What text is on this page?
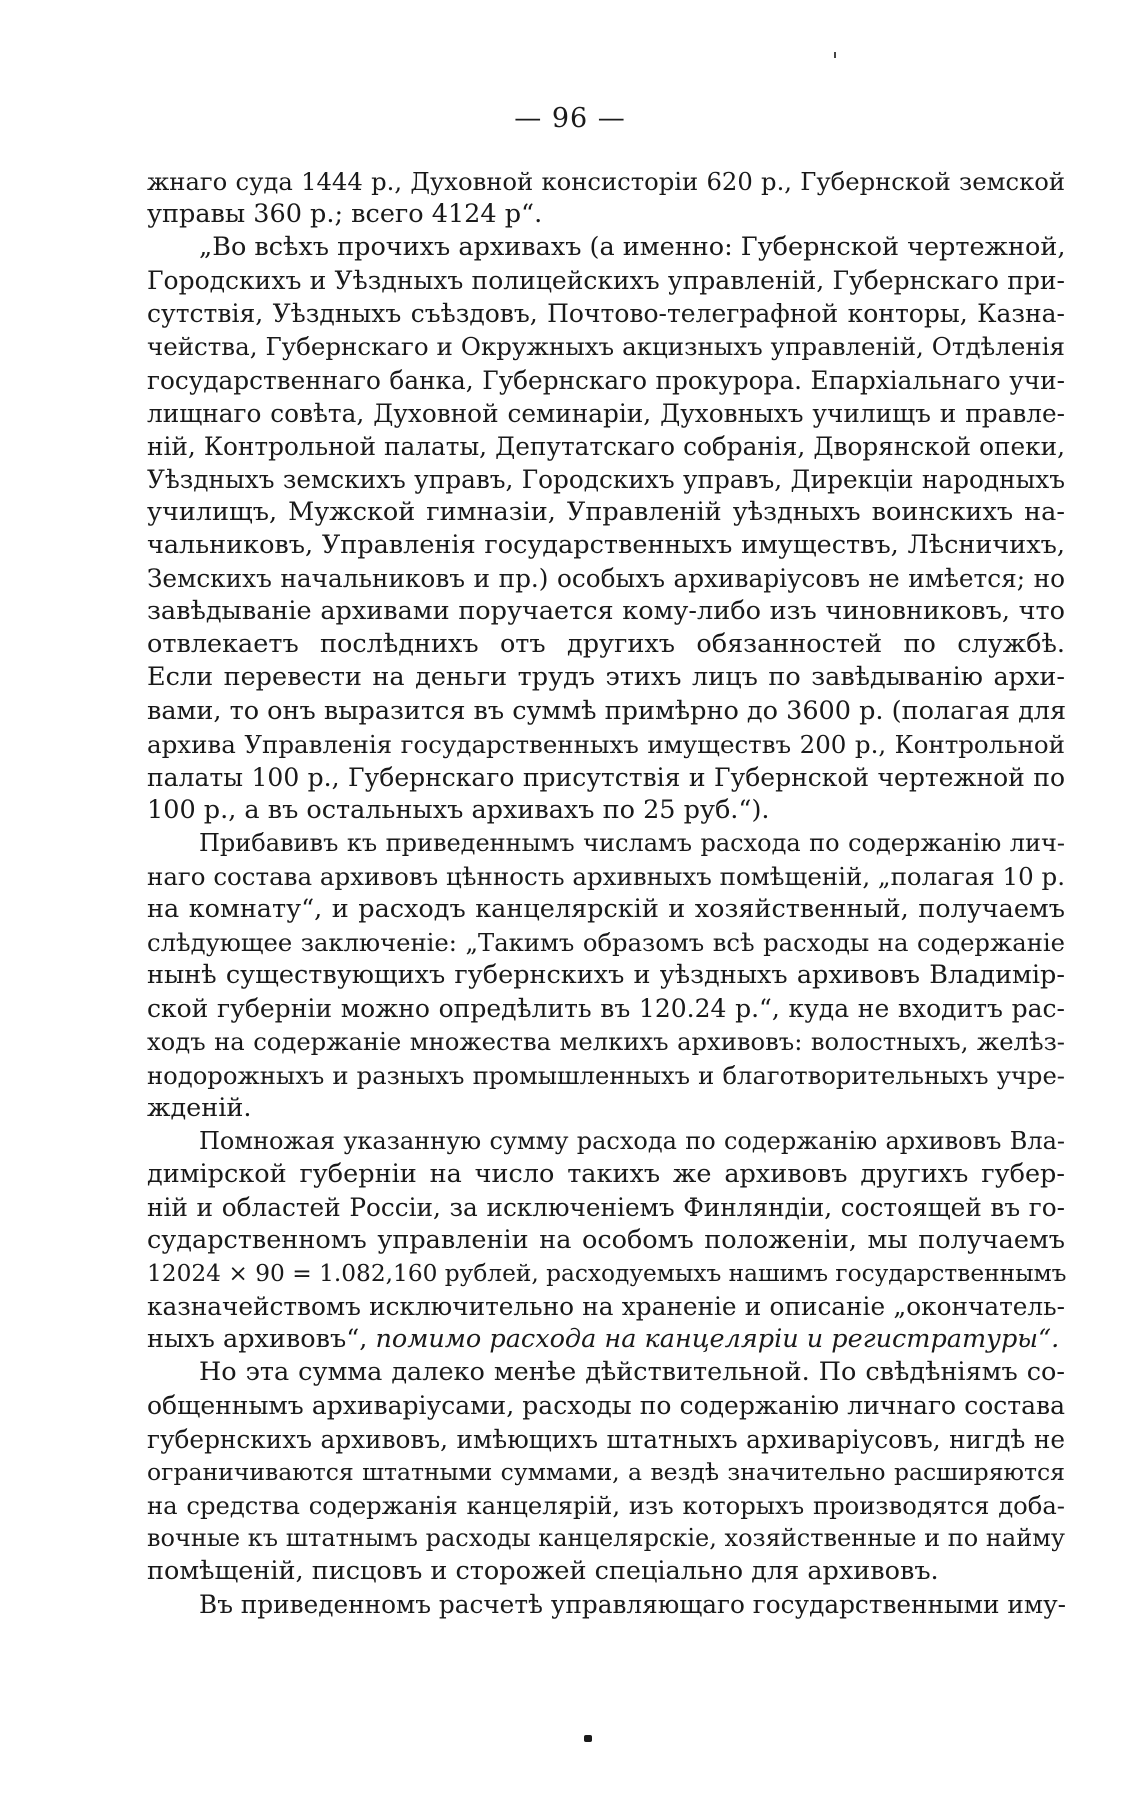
— 96 —
жнаго суда 1444 р., Духовной консисторіи 620 р., Губернской земской
управы 360 р.; всего 4124 р“.
„Во всѣхъ прочихъ архивахъ (а именно: Губернской чертежной,
Городскихъ и Уѣздныхъ полицейскихъ управленій, Губернскаго при-
сутствія, Уѣздныхъ съѣздовъ, Почтово-телеграфной конторы, Казна-
чейства, Губернскаго и Окружныхъ акцизныхъ управленій, Отдѣленія
государственнаго банка, Губернскаго прокурора. Епархіальнаго учи-
лищнаго совѣта, Духовной семинаріи, Духовныхъ училищъ и правле-
ній, Контрольной палаты, Депутатскаго собранія, Дворянской опеки,
Уѣздныхъ земскихъ управъ, Городскихъ управъ, Дирекціи народныхъ
училищъ, Мужской гимназіи, Управленій уѣздныхъ воинскихъ на-
чальниковъ, Управленія государственныхъ имуществъ, Лѣсничихъ,
Земскихъ начальниковъ и пр.) особыхъ архиваріусовъ не имѣется; но
завѣдываніе архивами поручается кому-либо изъ чиновниковъ, что
отвлекаетъ послѣднихъ отъ другихъ обязанностей по службѣ.
Если перевести на деньги трудъ этихъ лицъ по завѣдыванію архи-
вами, то онъ выразится въ суммѣ примѣрно до 3600 р. (полагая для
архива Управленія государственныхъ имуществъ 200 р., Контрольной
палаты 100 р., Губернскаго присутствія и Губернской чертежной по
100 р., а въ остальныхъ архивахъ по 25 руб.“).
Прибавивъ къ приведеннымъ числамъ расхода по содержанію лич-
наго состава архивовъ цѣнность архивныхъ помѣщеній, „полагая 10 р.
на комнату“, и расходъ канцелярскій и хозяйственный, получаемъ
слѣдующее заключеніе: „Такимъ образомъ всѣ расходы на содержаніе
нынѣ существующихъ губернскихъ и уѣздныхъ архивовъ Владимір-
ской губерніи можно опредѣлить въ 120.24 р.“, куда не входитъ рас-
ходъ на содержаніе множества мелкихъ архивовъ: волостныхъ, желѣз-
нодорожныхъ и разныхъ промышленныхъ и благотворительныхъ учре-
жденій.
Помножая указанную сумму расхода по содержанію архивовъ Вла-
димірской губерніи на число такихъ же архивовъ другихъ губер-
ній и областей Россіи, за исключеніемъ Финляндіи, состоящей въ го-
сударственномъ управленіи на особомъ положеніи, мы получаемъ
12024 × 90 = 1.082,160 рублей, расходуемыхъ нашимъ государственнымъ
казначействомъ исключительно на храненіе и описаніе „окончатель-
ныхъ архивовъ“, помимо расхода на канцеляріи и регистратуры“.
Но эта сумма далеко менѣе дѣйствительной. По свѣдѣніямъ со-
общеннымъ архиваріусами, расходы по содержанію личнаго состава
губернскихъ архивовъ, имѣющихъ штатныхъ архиваріусовъ, нигдѣ не
ограничиваются штатными суммами, а вездѣ значительно расширяются
на средства содержанія канцелярій, изъ которыхъ производятся доба-
вочные къ штатнымъ расходы канцелярскіе, хозяйственные и по найму
помѣщеній, писцовъ и сторожей спеціально для архивовъ.
Въ приведенномъ расчетѣ управляющаго государственными иму-
